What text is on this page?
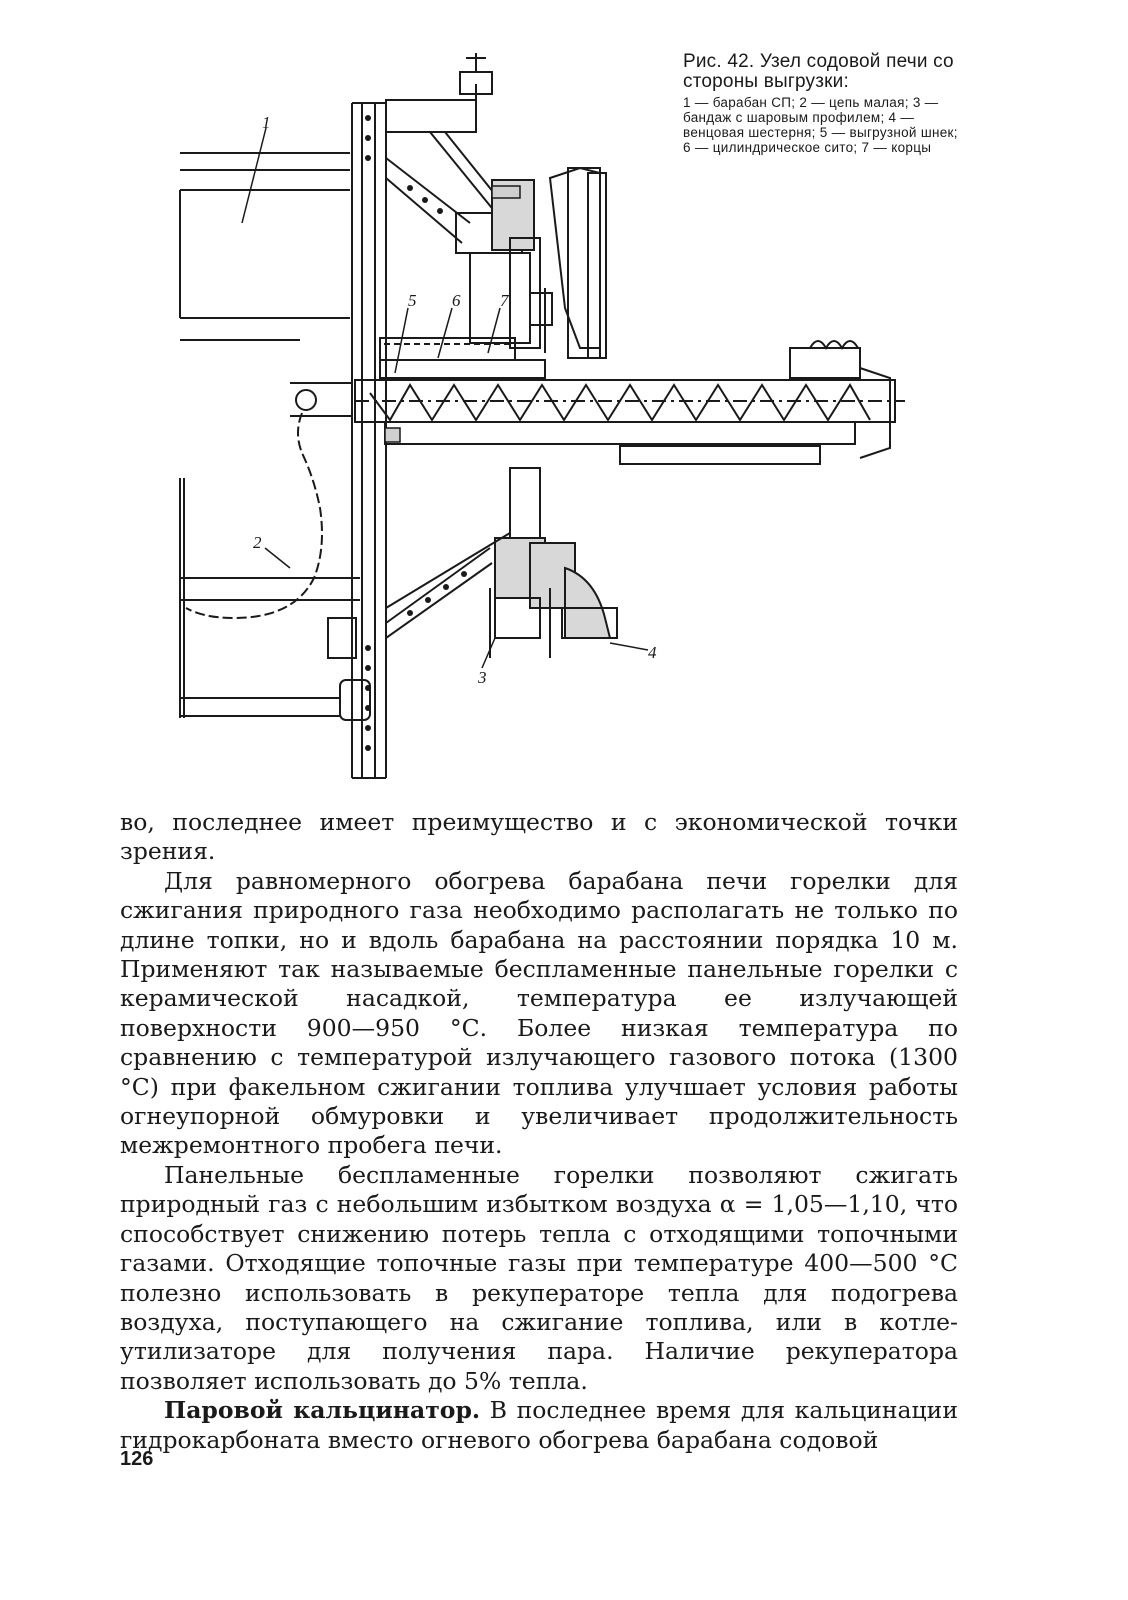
1
2
3
4
5 6 7
Рис. 42. Узел содовой печи со стороны выгрузки:
1 — барабан СП; 2 — цепь малая; 3 — бандаж с шаровым профилем; 4 — венцовая шестерня; 5 — выгрузной шнек; 6 — цилиндрическое сито; 7 — корцы

во, последнее имеет преимущество и с экономической точки зрения.

Для равномерного обогрева барабана печи горелки для сжигания природного газа необходимо располагать не только по длине топки, но и вдоль барабана на расстоянии порядка 10 м. Применяют так называемые беспламенные панельные горелки с керамической насадкой, температура ее излучающей поверхности 900—950 °С. Более низкая температура по сравнению с температурой излучающего газового потока (1300 °С) при факельном сжигании топлива улучшает условия работы огнеупорной обмуровки и увеличивает продолжительность межремонтного пробега печи.

Панельные беспламенные горелки позволяют сжигать природный газ с небольшим избытком воздуха α = 1,05—1,10, что способствует снижению потерь тепла с отходящими топочными газами. Отходящие топочные газы при температуре 400—500 °С полезно использовать в рекуператоре тепла для подогрева воздуха, поступающего на сжигание топлива, или в котле-утилизаторе для получения пара. Наличие рекуператора позволяет использовать до 5% тепла.

Паровой кальцинатор. В последнее время для кальцинации гидрокарбоната вместо огневого обогрева барабана содовой

126
